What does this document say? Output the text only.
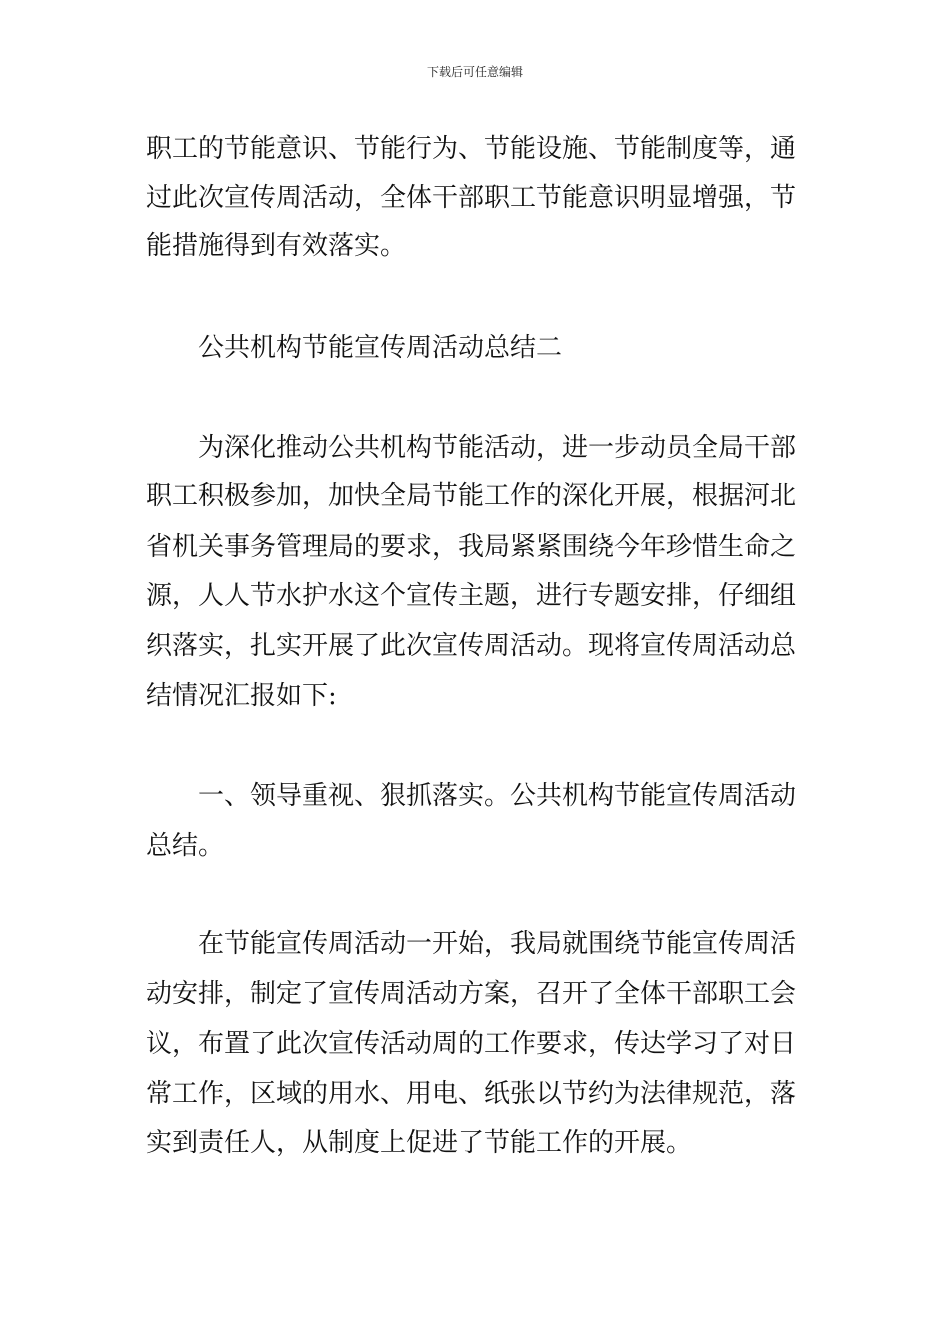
下载后可任意编辑

职工的节能意识、节能行为、节能设施、节能制度等，通

过此次宣传周活动，全体干部职工节能意识明显增强，节

能措施得到有效落实。

公共机构节能宣传周活动总结二

为深化推动公共机构节能活动，进一步动员全局干部

职工积极参加，加快全局节能工作的深化开展，根据河北

省机关事务管理局的要求，我局紧紧围绕今年珍惜生命之

源，人人节水护水这个宣传主题，进行专题安排，仔细组

织落实，扎实开展了此次宣传周活动。现将宣传周活动总

结情况汇报如下:

一、领导重视、狠抓落实。公共机构节能宣传周活动

总结。

在节能宣传周活动一开始，我局就围绕节能宣传周活

动安排，制定了宣传周活动方案，召开了全体干部职工会

议，布置了此次宣传活动周的工作要求，传达学习了对日

常工作，区域的用水、用电、纸张以节约为法律规范，落

实到责任人，从制度上促进了节能工作的开展。
